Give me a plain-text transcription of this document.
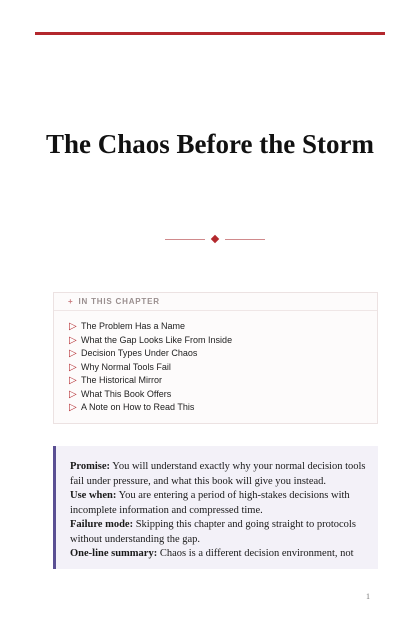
The Chaos Before the Storm
+ IN THIS CHAPTER
▷ The Problem Has a Name
▷ What the Gap Looks Like From Inside
▷ Decision Types Under Chaos
▷ Why Normal Tools Fail
▷ The Historical Mirror
▷ What This Book Offers
▷ A Note on How to Read This

Promise: You will understand exactly why your normal decision tools fail under pressure, and what this book will give you instead.

Use when: You are entering a period of high-stakes decisions with incomplete information and compressed time.

Failure mode: Skipping this chapter and going straight to protocols without understanding the gap.

One-line summary: Chaos is a different decision environment, not

1
